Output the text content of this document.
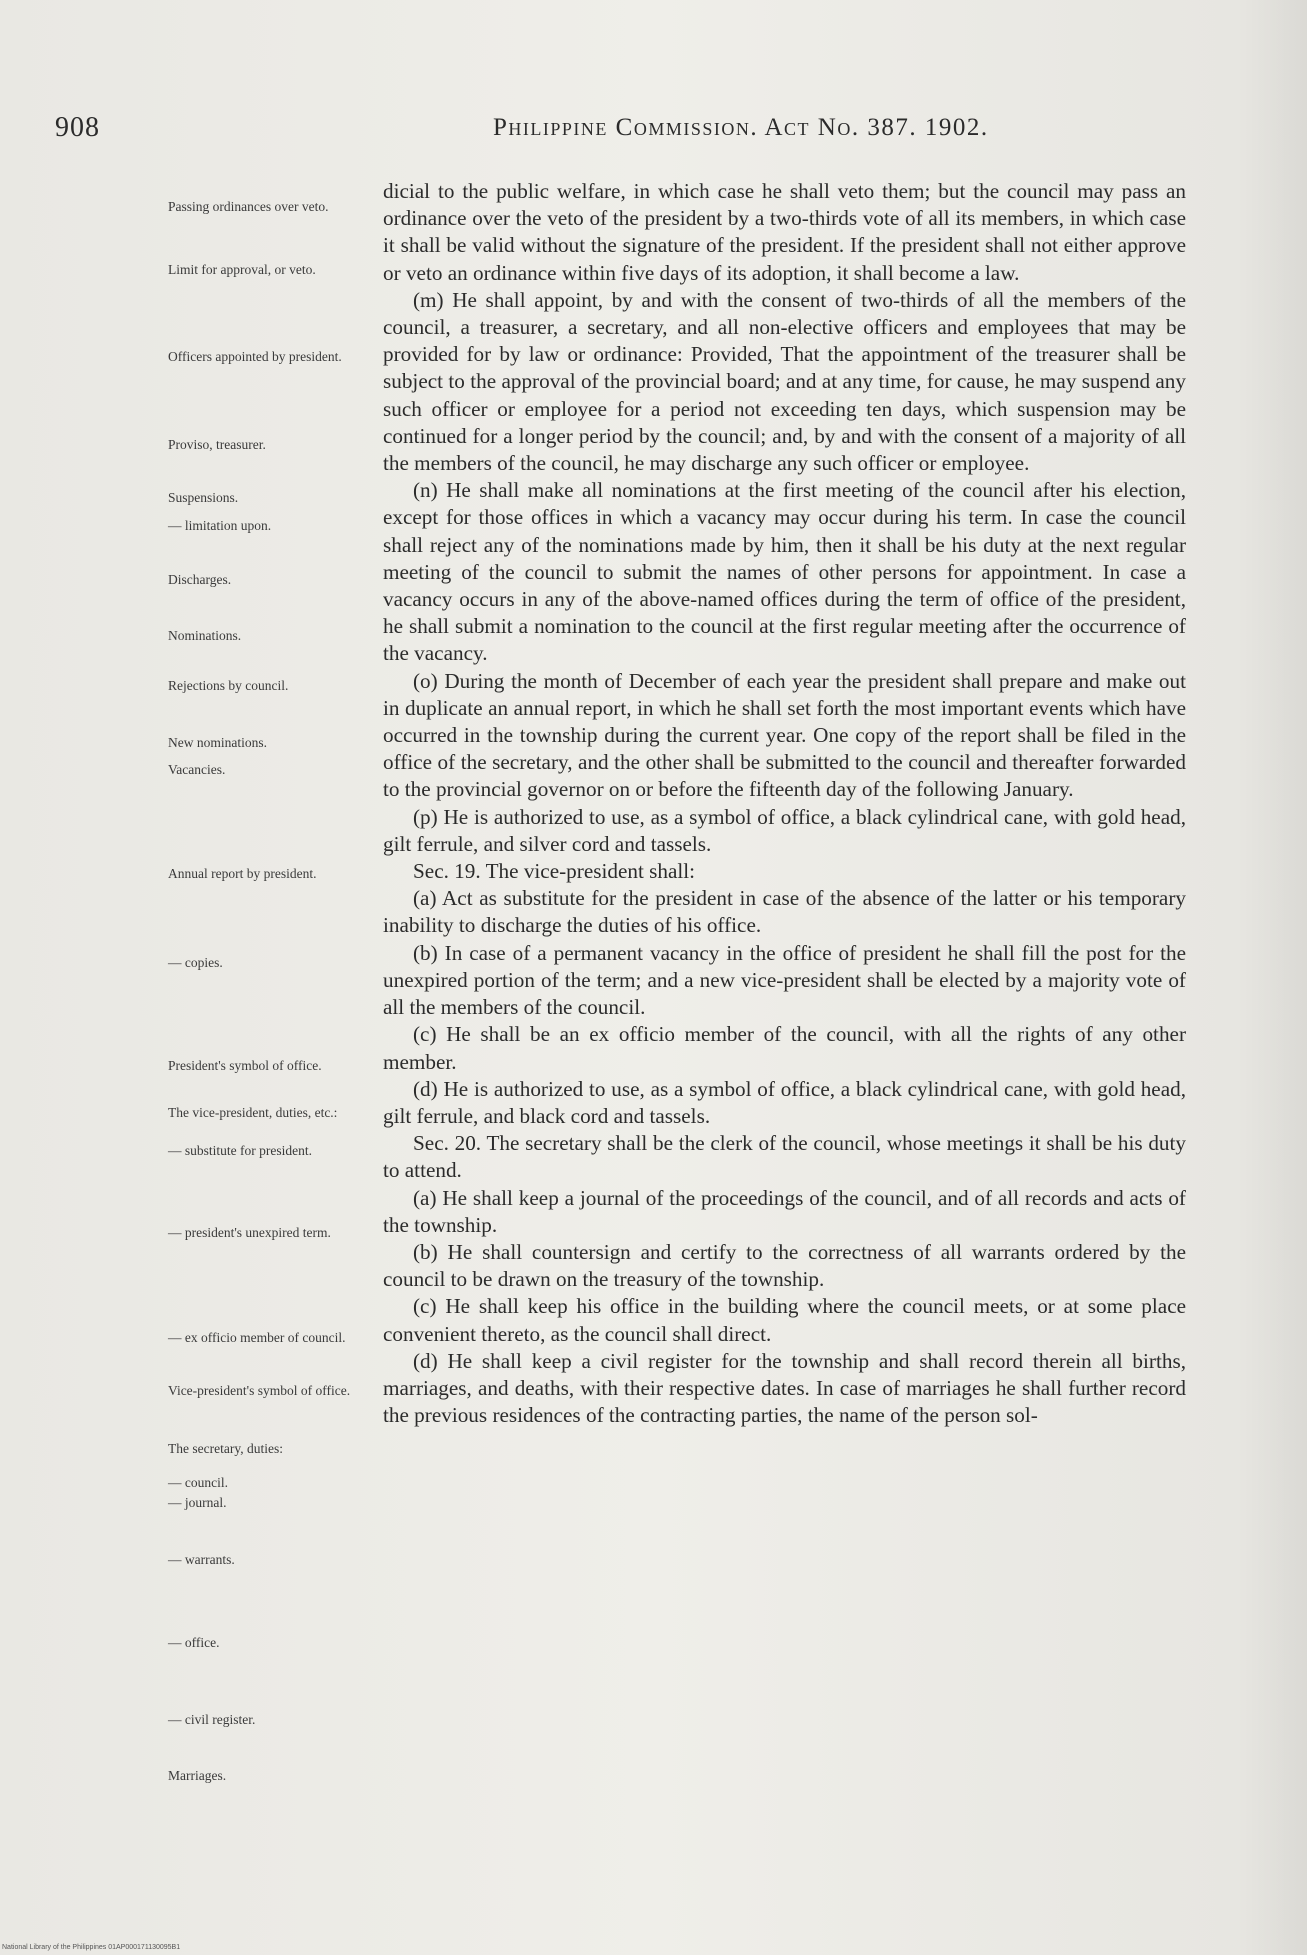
908	Philippine Commission. Act No. 387. 1902.
Passing ordinances over veto.
Limit for approval, or veto.
Officers appointed by president.
Proviso, treasurer.
Suspensions.
— limitation upon.
Discharges.
Nominations.
Rejections by council.
New nominations.
Vacancies.
Annual report by president.
— copies.
President's symbol of office.
The vice-president, duties, etc.:
— substitute for president.
— president's unexpired term.
— ex officio member of council.
Vice-president's symbol of office.
The secretary, duties:
— council.
— journal.
— warrants.
— office.
— civil register.
Marriages.

dicial to the public welfare, in which case he shall veto them; but the council may pass an ordinance over the veto of the president by a two-thirds vote of all its members, in which case it shall be valid without the signature of the president. If the president shall not either approve or veto an ordinance within five days of its adoption, it shall become a law.

(m) He shall appoint, by and with the consent of two-thirds of all the members of the council, a treasurer, a secretary, and all non-elective officers and employees that may be provided for by law or ordinance: Provided, That the appointment of the treasurer shall be subject to the approval of the provincial board; and at any time, for cause, he may suspend any such officer or employee for a period not exceeding ten days, which suspension may be continued for a longer period by the council; and, by and with the consent of a majority of all the members of the council, he may discharge any such officer or employee.

(n) He shall make all nominations at the first meeting of the council after his election, except for those offices in which a vacancy may occur during his term. In case the council shall reject any of the nominations made by him, then it shall be his duty at the next regular meeting of the council to submit the names of other persons for appointment. In case a vacancy occurs in any of the above-named offices during the term of office of the president, he shall submit a nomination to the council at the first regular meeting after the occurrence of the vacancy.

(o) During the month of December of each year the president shall prepare and make out in duplicate an annual report, in which he shall set forth the most important events which have occurred in the township during the current year. One copy of the report shall be filed in the office of the secretary, and the other shall be submitted to the council and thereafter forwarded to the provincial governor on or before the fifteenth day of the following January.

(p) He is authorized to use, as a symbol of office, a black cylindrical cane, with gold head, gilt ferrule, and silver cord and tassels.

Sec. 19. The vice-president shall:

(a) Act as substitute for the president in case of the absence of the latter or his temporary inability to discharge the duties of his office.

(b) In case of a permanent vacancy in the office of president he shall fill the post for the unexpired portion of the term; and a new vice-president shall be elected by a majority vote of all the members of the council.

(c) He shall be an ex officio member of the council, with all the rights of any other member.

(d) He is authorized to use, as a symbol of office, a black cylindrical cane, with gold head, gilt ferrule, and black cord and tassels.

Sec. 20. The secretary shall be the clerk of the council, whose meetings it shall be his duty to attend.

(a) He shall keep a journal of the proceedings of the council, and of all records and acts of the township.

(b) He shall countersign and certify to the correctness of all warrants ordered by the council to be drawn on the treasury of the township.

(c) He shall keep his office in the building where the council meets, or at some place convenient thereto, as the council shall direct.

(d) He shall keep a civil register for the township and shall record therein all births, marriages, and deaths, with their respective dates. In case of marriages he shall further record the previous residences of the contracting parties, the name of the person sol-

National Library of the Philippines 01AP000171130095B1
